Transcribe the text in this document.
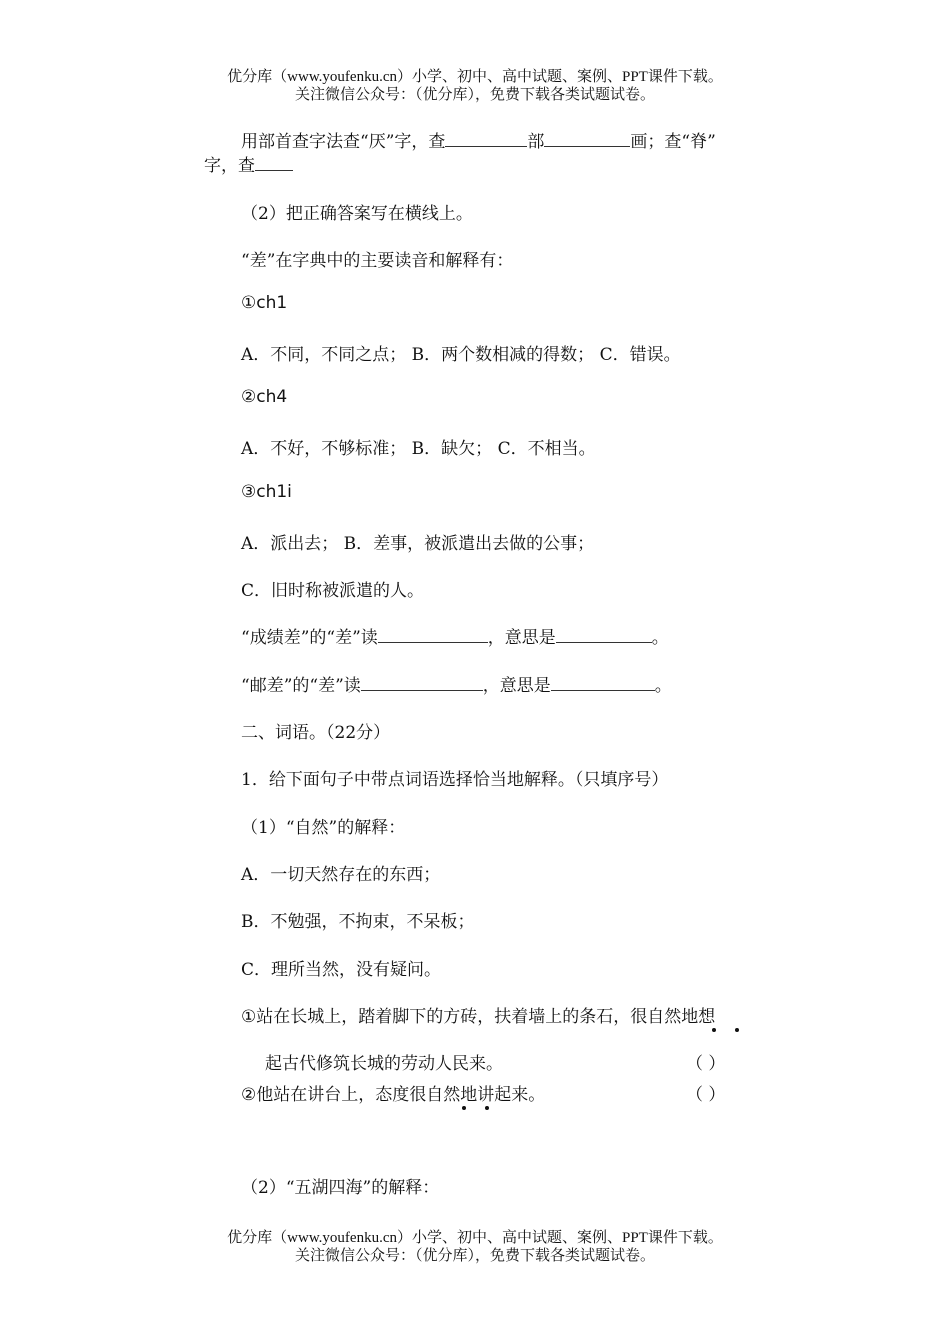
优分库（www.youfenku.cn）小学、初中、高中试题、案例、PPT课件下载。
关注微信公众号：（优分库），免费下载各类试题试卷。
用部首查字法查“厌”字，查	部	画；查“脊”
字，查
（2）把正确答案写在横线上。
“差”在字典中的主要读音和解释有：
①ch1
A．不同，不同之点； B．两个数相减的得数； C．错误。
②ch4
A．不好，不够标准； B．缺欠； C．不相当。
③ch1i
A．派出去； B．差事，被派遣出去做的公事；
C．旧时称被派遣的人。
“成绩差”的“差”读	，意思是	。
“邮差”的“差”读	，意思是	。
二、词语。（22分）
1．给下面句子中带点词语选择恰当地解释。（只填序号）
（1）“自然”的解释：
A．一切天然存在的东西；
B．不勉强，不拘束，不呆板；
C．理所当然，没有疑问。
①站在长城上，踏着脚下的方砖，扶着墙上的条石，很自然地想
起古代修筑长城的劳动人民来。	（ ）
②他站在讲台上，态度很自然地讲起来。	（ ）
（2）“五湖四海”的解释：
优分库（www.youfenku.cn）小学、初中、高中试题、案例、PPT课件下载。
关注微信公众号：（优分库），免费下载各类试题试卷。
